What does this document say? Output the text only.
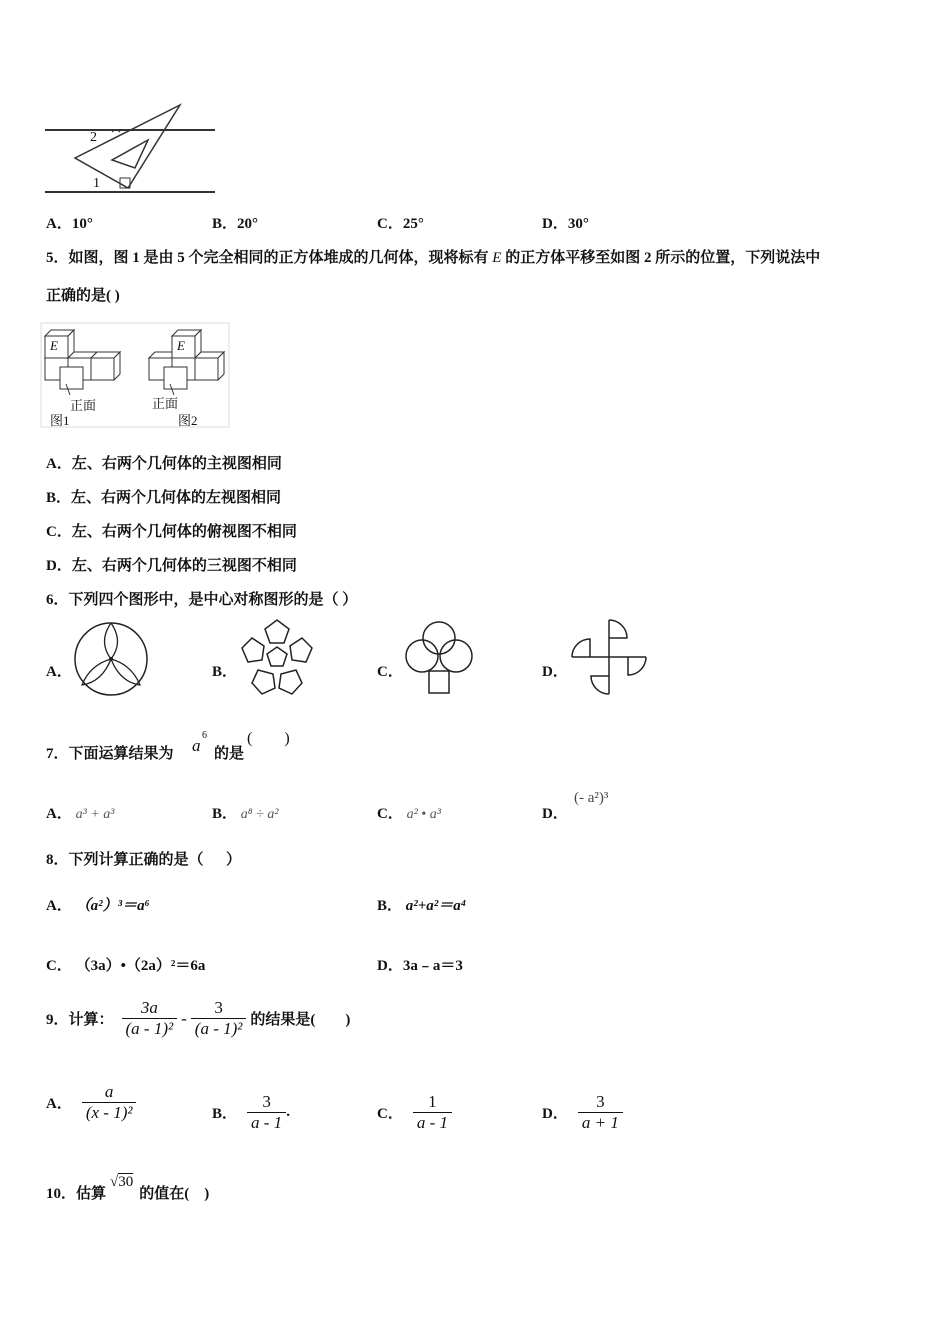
2
1
A．10°	B．20°	C．25°	D．30°
5．如图，图 1 是由 5 个完全相同的正方体堆成的几何体，现将标有 E 的正方体平移至如图 2 所示的位置，下列说法中
正确的是( )
E	E
正面	正面
图1	图2
A．左、右两个几何体的主视图相同
B．左、右两个几何体的左视图相同
C．左、右两个几何体的俯视图不相同
D．左、右两个几何体的三视图不相同
6．下列四个图形中，是中心对称图形的是（ ）
A．	B．	C．	D．
7．下面运算结果为 a
6
的是
(        )
A． a³ + a³	B． a⁸ ÷ a²	C． a² • a³	D．
(- a²)³
8．下列计算正确的是（      ）
A． （a²）³＝a⁶	B． a²+a²＝a⁴
C． （3a）•（2a）²＝6a	D．3a﹣a＝3
9．计算： $\frac{3a}{\text{(a - 1)²}} - \frac{3}{\text{(a - 1)²}}$ 的结果是(        )
A． $\frac{a}{\text{(x - 1)²}}$	B． $\frac{3}{a - 1}$ .	C． $\frac{1}{a - 1}$	D． $\frac{3}{a + 1}$
10．估算
√30
的值在(    )
